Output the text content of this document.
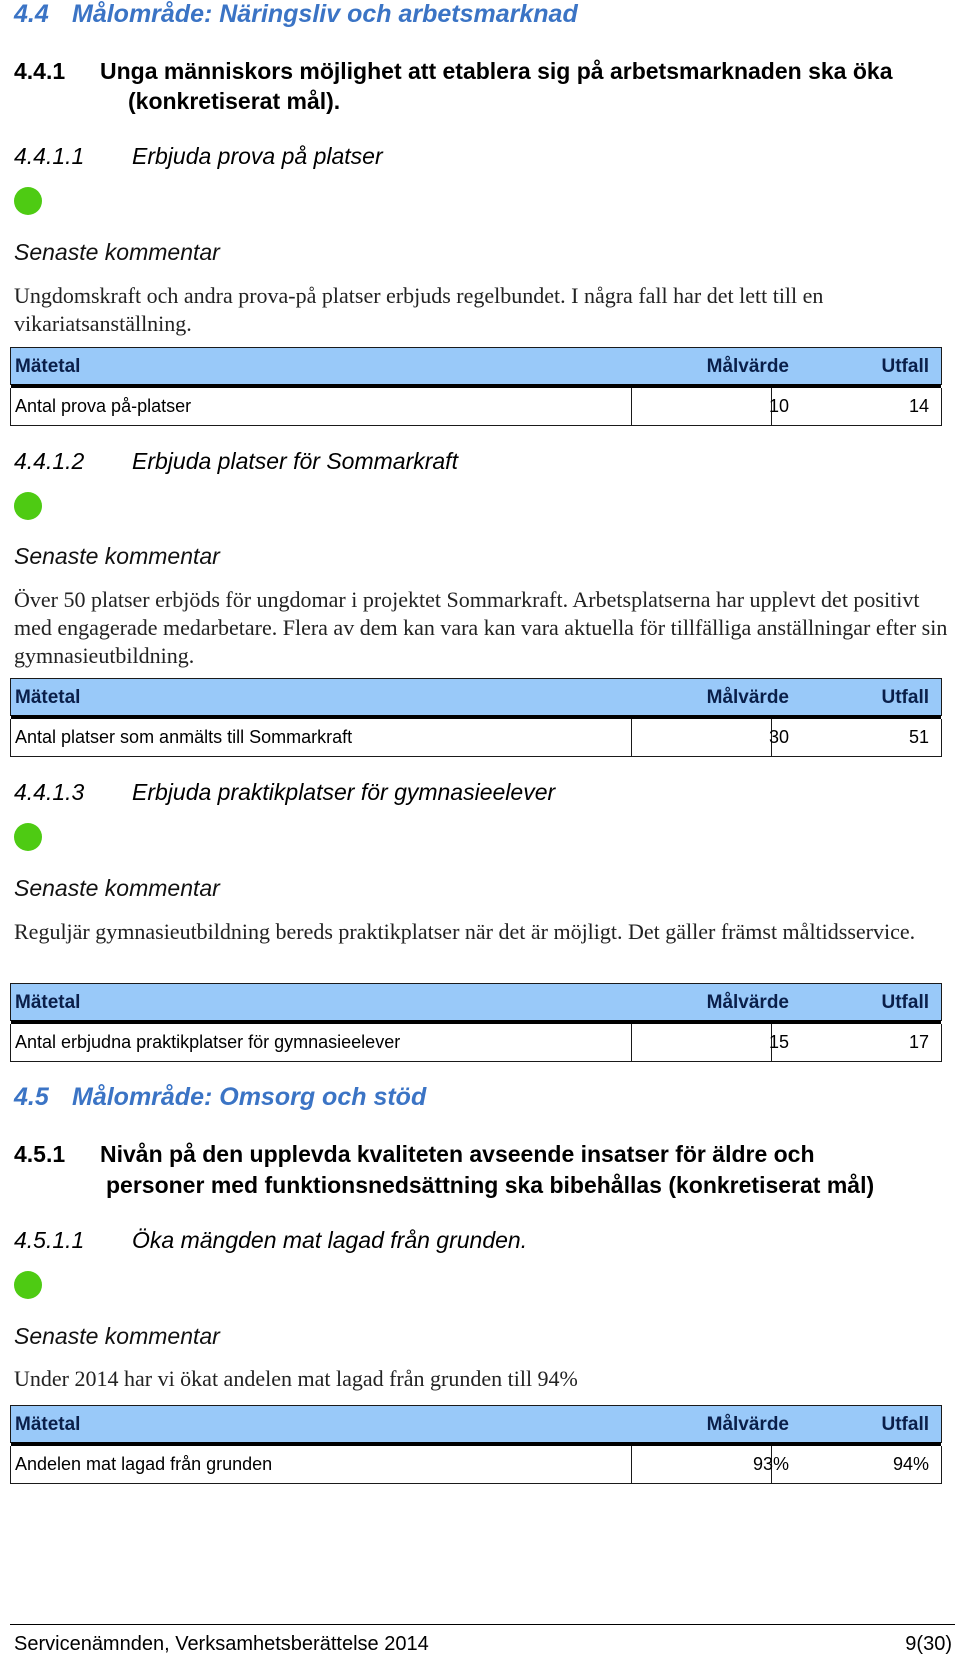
4.4 Målområde: Näringsliv och arbetsmarknad
4.4.1 Unga människors möjlighet att etablera sig på arbetsmarknaden ska öka
(konkretiserat mål).
4.4.1.1 Erbjuda prova på platser
Senaste kommentar
Ungdomskraft och andra prova-på platser erbjuds regelbundet. I några fall har det lett till en vikariatsanställning.
Mätetal	Målvärde	Utfall
Antal prova på-platser	10	14
4.4.1.2 Erbjuda platser för Sommarkraft
Senaste kommentar
Över 50 platser erbjöds för ungdomar i projektet Sommarkraft. Arbetsplatserna har upplevt det positivt med engagerade medarbetare. Flera av dem kan vara kan vara aktuella för tillfälliga anställningar efter sin gymnasieutbildning.
Mätetal	Målvärde	Utfall
Antal platser som anmälts till Sommarkraft	30	51
4.4.1.3 Erbjuda praktikplatser för gymnasieelever
Senaste kommentar
Reguljär gymnasieutbildning bereds praktikplatser när det är möjligt. Det gäller främst måltidsservice.
Mätetal	Målvärde	Utfall
Antal erbjudna praktikplatser för gymnasieelever	15	17
4.5 Målområde: Omsorg och stöd
4.5.1 Nivån på den upplevda kvaliteten avseende insatser för äldre och
personer med funktionsnedsättning ska bibehållas (konkretiserat mål)
4.5.1.1 Öka mängden mat lagad från grunden.
Senaste kommentar
Under 2014 har vi ökat andelen mat lagad från grunden till 94%
Mätetal	Målvärde	Utfall
Andelen mat lagad från grunden	93%	94%
Servicenämnden, Verksamhetsberättelse 2014	9(30)
